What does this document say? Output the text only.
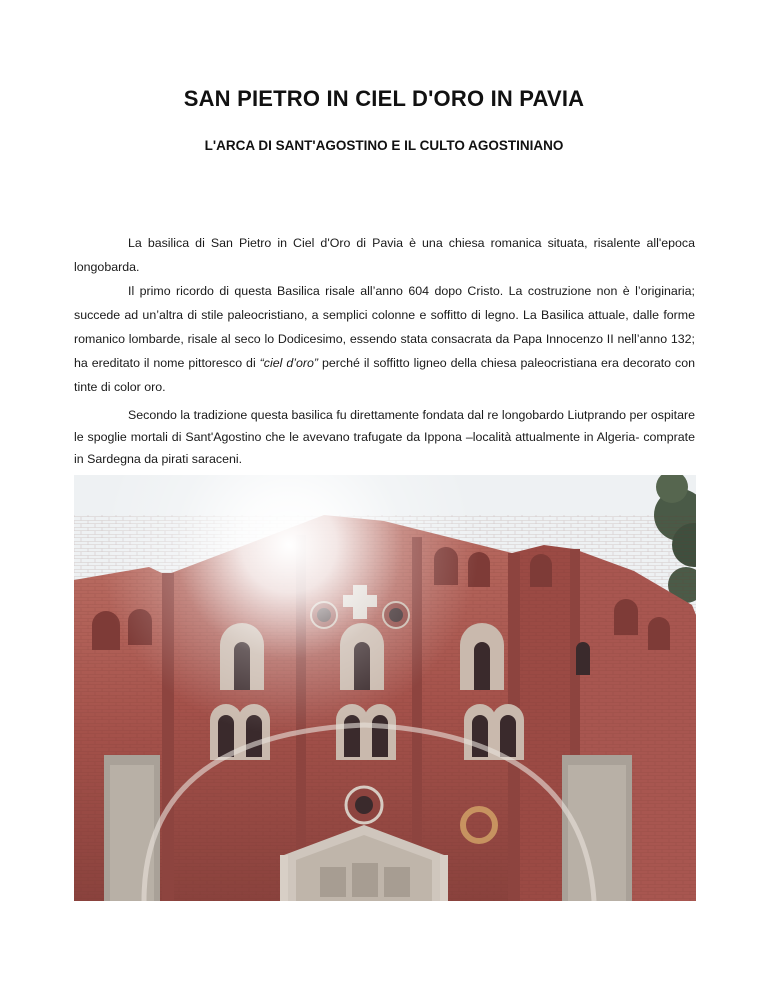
SAN PIETRO IN CIEL D'ORO IN PAVIA
L'ARCA DI SANT'AGOSTINO E IL CULTO AGOSTINIANO
La basilica di San Pietro in Ciel d'Oro di Pavia è una chiesa romanica situata, risalente all'epoca longobarda.
Il primo ricordo di questa Basilica risale all’anno 604 dopo Cristo. La costruzione non è l’originaria; succede ad un’altra di stile paleocristiano, a semplici colonne e soffitto di legno. La Basilica attuale, dalle forme romanico lombarde, risale al seco lo Dodicesimo, essendo stata consacrata da Papa Innocenzo II nell’anno 132; ha ereditato il nome pittoresco di “ciel d’oro” perché il soffitto ligneo della chiesa paleocristiana era decorato con tinte di color oro.
Secondo la tradizione questa basilica fu direttamente fondata dal re longobardo Liutprando per ospitare le spoglie mortali di Sant'Agostino che le avevano trafugate da Ippona –località attualmente in Algeria- comprate in Sardegna da pirati saraceni.
